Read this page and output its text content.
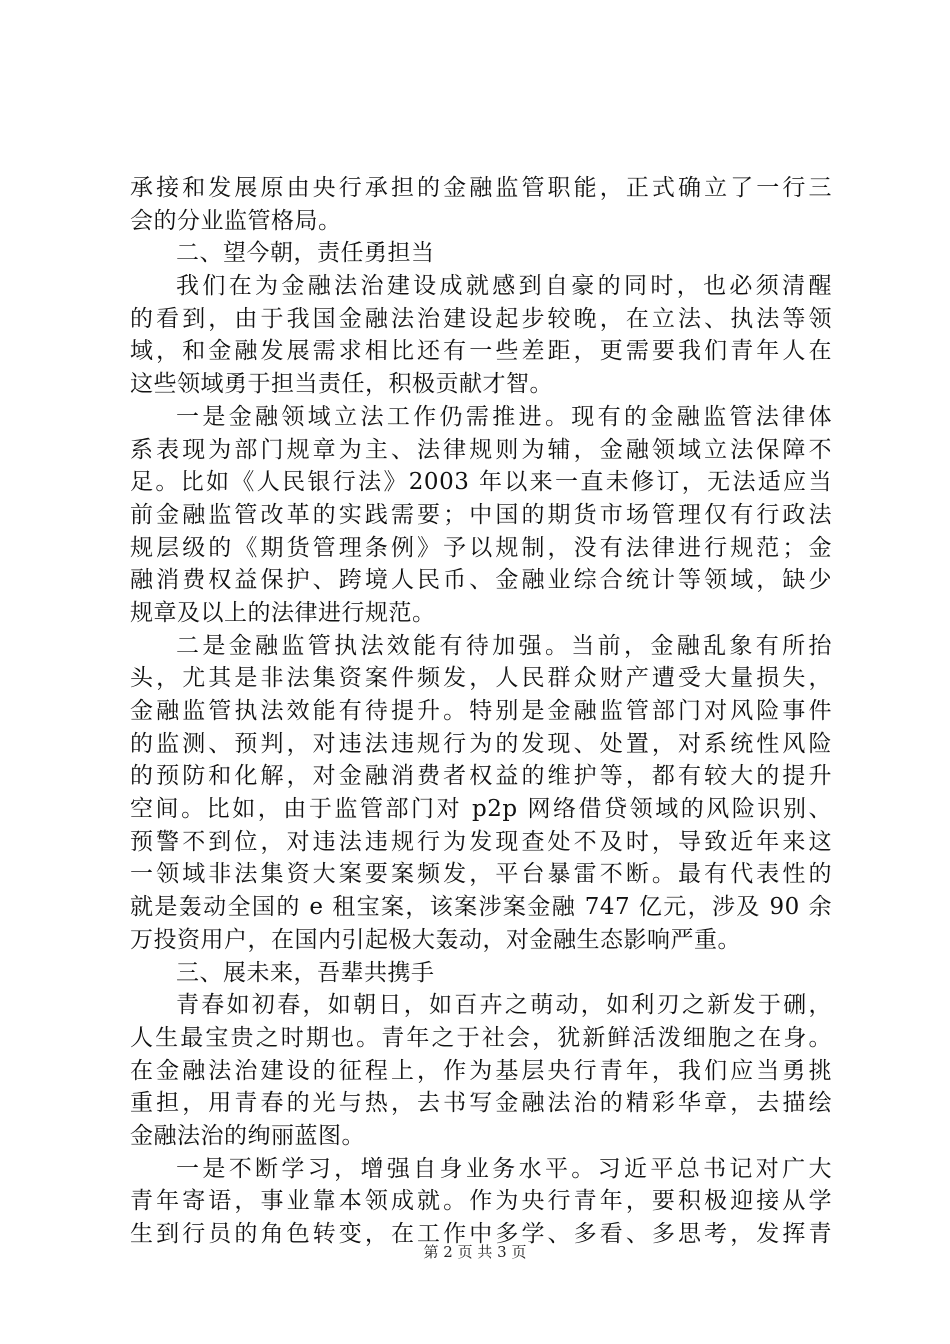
承接和发展原由央行承担的金融监管职能，正式确立了一行三
会的分业监管格局。
二、望今朝，责任勇担当
我们在为金融法治建设成就感到自豪的同时，也必须清醒
的看到，由于我国金融法治建设起步较晚，在立法、执法等领
域，和金融发展需求相比还有一些差距，更需要我们青年人在
这些领域勇于担当责任，积极贡献才智。
一是金融领域立法工作仍需推进。现有的金融监管法律体
系表现为部门规章为主、法律规则为辅，金融领域立法保障不
足。比如《人民银行法》2003 年以来一直未修订，无法适应当
前金融监管改革的实践需要；中国的期货市场管理仅有行政法
规层级的《期货管理条例》予以规制，没有法律进行规范；金
融消费权益保护、跨境人民币、金融业综合统计等领域，缺少
规章及以上的法律进行规范。
二是金融监管执法效能有待加强。当前，金融乱象有所抬
头，尤其是非法集资案件频发，人民群众财产遭受大量损失，
金融监管执法效能有待提升。特别是金融监管部门对风险事件
的监测、预判，对违法违规行为的发现、处置，对系统性风险
的预防和化解，对金融消费者权益的维护等，都有较大的提升
空间。比如，由于监管部门对 p2p 网络借贷领域的风险识别、
预警不到位，对违法违规行为发现查处不及时，导致近年来这
一领域非法集资大案要案频发，平台暴雷不断。最有代表性的
就是轰动全国的 e 租宝案，该案涉案金融 747 亿元，涉及 90 余
万投资用户，在国内引起极大轰动，对金融生态影响严重。
三、展未来，吾辈共携手
青春如初春，如朝日，如百卉之萌动，如利刃之新发于硎，
人生最宝贵之时期也。青年之于社会，犹新鲜活泼细胞之在身。
在金融法治建设的征程上，作为基层央行青年，我们应当勇挑
重担，用青春的光与热，去书写金融法治的精彩华章，去描绘
金融法治的绚丽蓝图。
一是不断学习，增强自身业务水平。习近平总书记对广大
青年寄语，事业靠本领成就。作为央行青年，要积极迎接从学
生到行员的角色转变，在工作中多学、多看、多思考，发挥青
第 2 页 共 3 页
